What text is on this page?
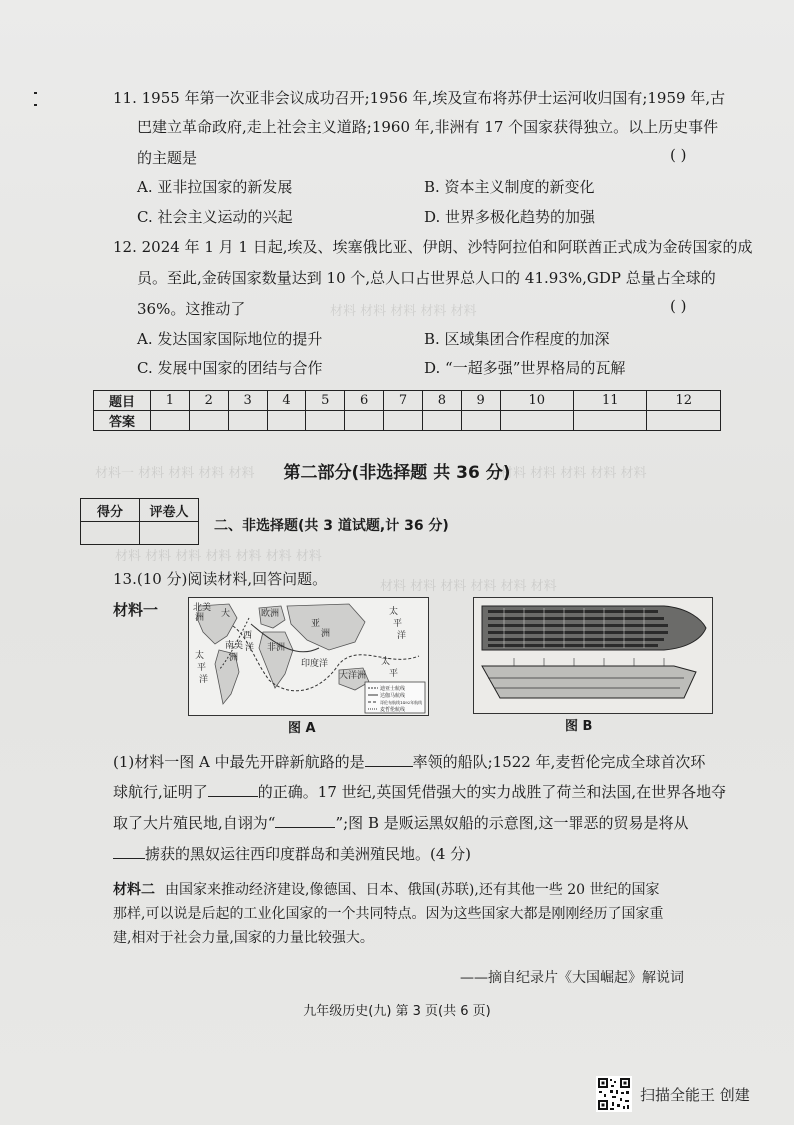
材料 材料 材料 材料 材料
材料一 材料 材料 材料 材料	材料 材料 材料 材料 材料
材料 材料 材料 材料 材料 材料 材料
材料 材料 材料 材料 材料 材料
11. 1955 年第一次亚非会议成功召开;1956 年,埃及宣布将苏伊士运河收归国有;1959 年,古
巴建立革命政府,走上社会主义道路;1960 年,非洲有 17 个国家获得独立。以上历史事件
的主题是	( )
A. 亚非拉国家的新发展	B. 资本主义制度的新变化
C. 社会主义运动的兴起	D. 世界多极化趋势的加强
12. 2024 年 1 月 1 日起,埃及、埃塞俄比亚、伊朗、沙特阿拉伯和阿联酋正式成为金砖国家的成
员。至此,金砖国家数量达到 10 个,总人口占世界总人口的 41.93%,GDP 总量占全球的
36%。这推动了	( )
A. 发达国家国际地位的提升	B. 区域集团合作程度的加深
C. 发展中国家的团结与合作	D. “一超多强”世界格局的瓦解
题目	1	2	3	4	5	6	7	8	9	10	11	12
答案												
第二部分(非选择题 共 36 分)
得分	评卷人

二、非选择题(共 3 道试题,计 36 分)
13.(10 分)阅读材料,回答问题。
材料一	北美
洲 大	欧洲
亚
洲
太
平
洋
西
洋
南美
洲
非洲
印度洋
太
平
洋	大洋洲
太
平
迪亚士航线
达伽马航线
哥伦布航线1492年航线
麦哲伦航线
图 A	图 B
(1)材料一图 A 中最先开辟新航路的是	率领的船队;1522 年,麦哲伦完成全球首次环
球航行,证明了	的正确。17 世纪,英国凭借强大的实力战胜了荷兰和法国,在世界各地夺
取了大片殖民地,自诩为“	”;图 B 是贩运黑奴船的示意图,这一罪恶的贸易是将从
掳获的黑奴运往西印度群岛和美洲殖民地。(4 分)
材料二 由国家来推动经济建设,像德国、日本、俄国(苏联),还有其他一些 20 世纪的国家那样,可以说是后起的工业化国家的一个共同特点。因为这些国家大都是刚刚经历了国家重建,相对于社会力量,国家的力量比较强大。
——摘自纪录片《大国崛起》解说词
九年级历史(九) 第 3 页(共 6 页)
扫描全能王 创建
